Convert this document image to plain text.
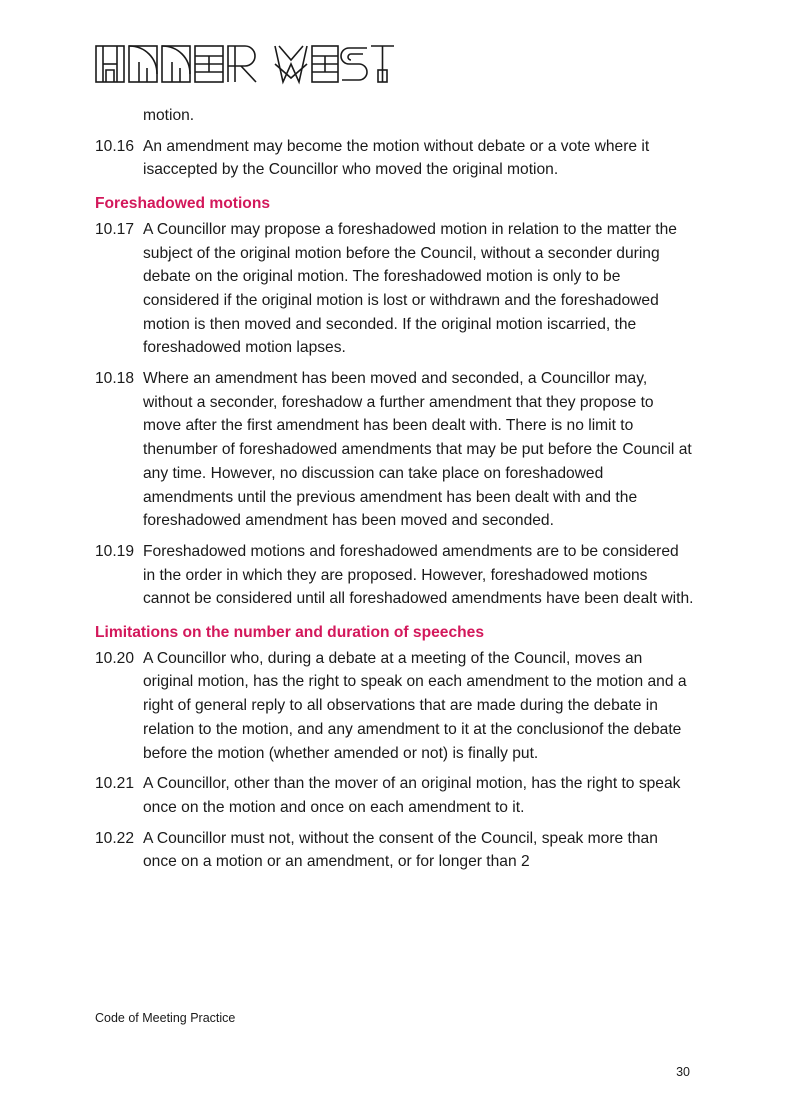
motion.
10.16 An amendment may become the motion without debate or a vote where it isaccepted by the Councillor who moved the original motion.
Foreshadowed motions
10.17 A Councillor may propose a foreshadowed motion in relation to the matter the subject of the original motion before the Council, without a seconder during debate on the original motion. The foreshadowed motion is only to be considered if the original motion is lost or withdrawn and the foreshadowed motion is then moved and seconded. If the original motion iscarried, the foreshadowed motion lapses.
10.18 Where an amendment has been moved and seconded, a Councillor may, without a seconder, foreshadow a further amendment that they propose to move after the first amendment has been dealt with. There is no limit to thenumber of foreshadowed amendments that may be put before the Council at any time. However, no discussion can take place on foreshadowed amendments until the previous amendment has been dealt with and the foreshadowed amendment has been moved and seconded.
10.19 Foreshadowed motions and foreshadowed amendments are to be considered in the order in which they are proposed. However, foreshadowed motions cannot be considered until all foreshadowed amendments have been dealt with.
Limitations on the number and duration of speeches
10.20 A Councillor who, during a debate at a meeting of the Council, moves an original motion, has the right to speak on each amendment to the motion and a right of general reply to all observations that are made during the debate in relation to the motion, and any amendment to it at the conclusionof the debate before the motion (whether amended or not) is finally put.
10.21 A Councillor, other than the mover of an original motion, has the right to speak once on the motion and once on each amendment to it.
10.22 A Councillor must not, without the consent of the Council, speak more than once on a motion or an amendment, or for longer than 2
Code of Meeting Practice
30
